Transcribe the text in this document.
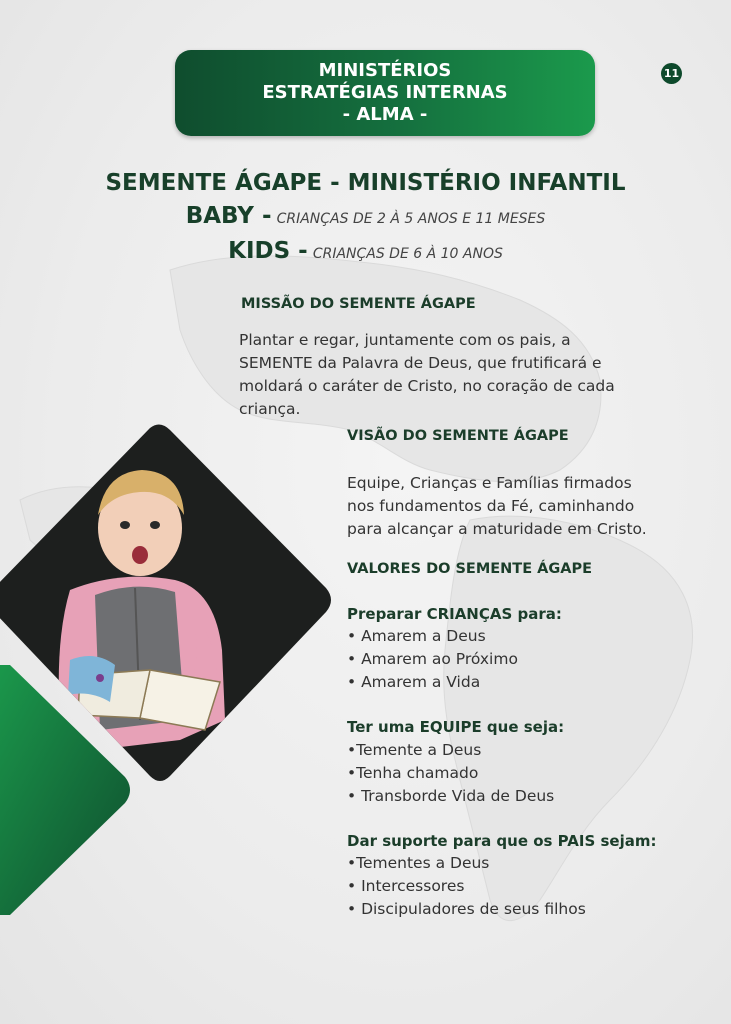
MINISTÉRIOS
ESTRATÉGIAS INTERNAS
- ALMA -
11
SEMENTE ÁGAPE - MINISTÉRIO INFANTIL
BABY - CRIANÇAS DE 2 À 5 ANOS E 11 MESES
KIDS - CRIANÇAS DE 6 À 10 ANOS
MISSÃO DO SEMENTE ÁGAPE
Plantar e regar, juntamente com os pais, a
SEMENTE da Palavra de Deus, que frutificará e
moldará o caráter de Cristo, no coração de cada
criança.
VISÃO DO SEMENTE ÁGAPE
Equipe, Crianças e Famílias firmados
nos fundamentos da Fé, caminhando
para alcançar a maturidade em Cristo.
VALORES DO SEMENTE ÁGAPE
Preparar CRIANÇAS para:
• Amarem a Deus
• Amarem ao Próximo
• Amarem a Vida
Ter uma EQUIPE que seja:
•Temente a Deus
•Tenha chamado
• Transborde Vida de Deus
Dar suporte para que os PAIS sejam:
•Tementes a Deus
• Intercessores
• Discipuladores de seus filhos
